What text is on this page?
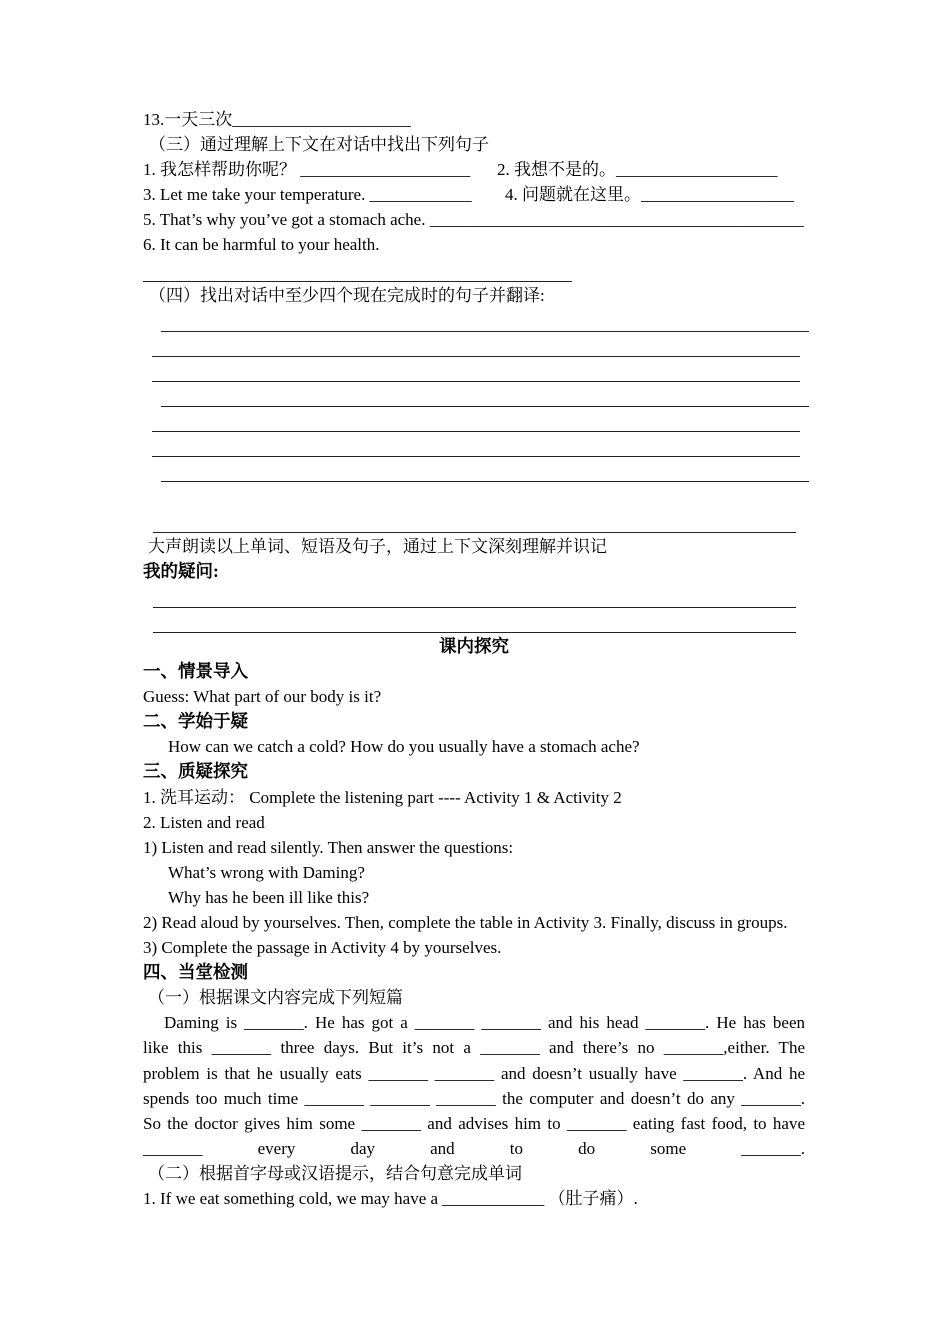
13.一天三次_____________________
（三）通过理解上下文在对话中找出下列句子
1. 我怎样帮助你呢？ ____________________ 2. 我想不是的。___________________
3. Let me take your temperature. ____________ 4. 问题就在这里。__________________
5. That’s why you’ve got a stomach ache. ____________________________________________
6. It can be harmful to your health.
（四）找出对话中至少四个现在完成时的句子并翻译:
大声朗读以上单词、短语及句子，通过上下文深刻理解并识记
我的疑问:
课内探究
一、情景导入
Guess: What part of our body is it?
二、学始于疑
How can we catch a cold? How do you usually have a stomach ache?
三、质疑探究
1. 洗耳运动： Complete the listening part ---- Activity 1 & Activity 2
2. Listen and read
1) Listen and read silently. Then answer the questions:
What’s wrong with Daming?
Why has he been ill like this?
2) Read aloud by yourselves. Then, complete the table in Activity 3. Finally, discuss in groups.
3) Complete the passage in Activity 4 by yourselves.
四、当堂检测
（一）根据课文内容完成下列短篇
Daming is _______. He has got a _______ _______ and his head _______. He has been
like this _______ three days. But it’s not a _______ and there’s no _______,either. The
problem is that he usually eats _______ _______ and doesn’t usually have _______. And he
spends too much time _______ _______ _______ the computer and doesn’t do any _______.
So the doctor gives him some _______ and advises him to _______ eating fast food, to have
_______ every day and to do some _______.
（二）根据首字母或汉语提示，结合句意完成单词
1. If we eat something cold, we may have a ____________ （肚子痛）.
